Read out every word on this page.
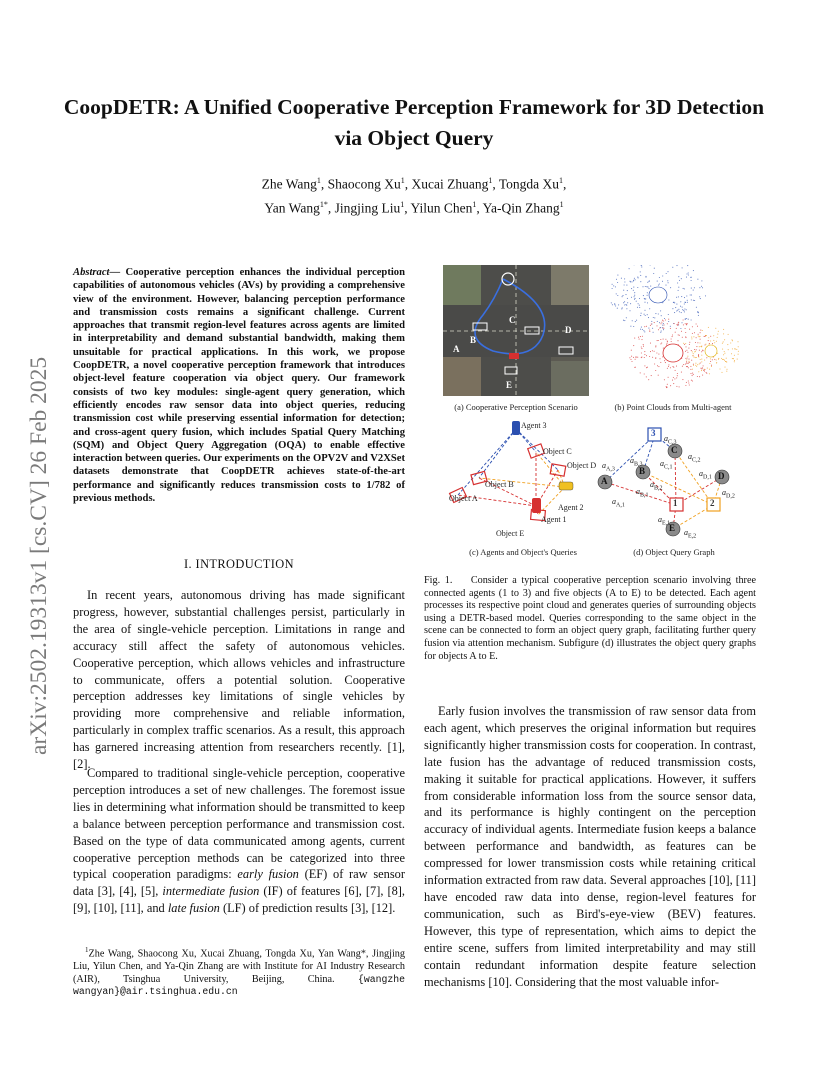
arXiv:2502.19313v1 [cs.CV] 26 Feb 2025
CoopDETR: A Unified Cooperative Perception Framework for 3D Detection via Object Query
Zhe Wang$^1$, Shaocong Xu$^1$, Xucai Zhuang$^1$, Tongda Xu$^1$,
Yan Wang$^{1*}$, Jingjing Liu$^1$, Yilun Chen$^1$, Ya-Qin Zhang$^1$
Abstract— Cooperative perception enhances the individual perception capabilities of autonomous vehicles (AVs) by providing a comprehensive view of the environment. However, balancing perception performance and transmission costs remains a significant challenge. Current approaches that transmit region-level features across agents are limited in interpretability and demand substantial bandwidth, making them unsuitable for practical applications. In this work, we propose CoopDETR, a novel cooperative perception framework that introduces object-level feature cooperation via object query. Our framework consists of two key modules: single-agent query generation, which efficiently encodes raw sensor data into object queries, reducing transmission cost while preserving essential information for detection; and cross-agent query fusion, which includes Spatial Query Matching (SQM) and Object Query Aggregation (OQA) to enable effective interaction between queries. Our experiments on the OPV2V and V2XSet datasets demonstrate that CoopDETR achieves state-of-the-art performance and significantly reduces transmission costs to 1/782 of previous methods.
I. INTRODUCTION

In recent years, autonomous driving has made significant progress, however, substantial challenges persist, particularly in the area of single-vehicle perception. Limitations in range and accuracy still affect the safety of autonomous vehicles. Cooperative perception, which allows vehicles and infrastructure to communicate, offers a potential solution. Cooperative perception addresses key limitations of single vehicles by providing more comprehensive and reliable information, particularly in complex traffic scenarios. As a result, this approach has garnered increasing attention from researchers recently. [1], [2].

Compared to traditional single-vehicle perception, cooperative perception introduces a set of new challenges. The foremost issue lies in determining what information should be transmitted to keep a balance between perception performance and transmission cost. Based on the type of data communicated among agents, current cooperative perception methods can be categorized into three typical cooperation paradigms: early fusion (EF) of raw sensor data [3], [4], [5], intermediate fusion (IF) of features [6], [7], [8], [9], [10], [11], and late fusion (LF) of prediction results [3], [12].

$^1$Zhe Wang, Shaocong Xu, Xucai Zhuang, Tongda Xu, Yan Wang*, Jingjing Liu, Yilun Chen, and Ya-Qin Zhang are with Institute for AI Industry Research (AIR), Tsinghua University, Beijing, China. {wangzhe wangyan}@air.tsinghua.edu.cn
C
B
A
D
E
(a) Cooperative Perception Scenario	(b) Point Clouds from Multi-agent
Agent 3
Object C
Object D
Object B
Object A
Agent 2
Agent 1
Object E
(c) Agents and Object's Queries
3
2
1
C
B
A	D
E
$a_{C,3}$
$a_{C,2}$
$a_{B,3}$ $a_{C,1}$
$a_{A,3}$
$a_{B,2}$
$a_{D,1}$
$a_{B,1}$	$a_{D,2}$
$a_{A,1}$
$a_{E,1}$
$a_{E,2}$
(d) Object Query Graph
Fig. 1. Consider a typical cooperative perception scenario involving three connected agents (1 to 3) and five objects (A to E) to be detected. Each agent processes its respective point cloud and generates queries of surrounding objects using a DETR-based model. Queries corresponding to the same object in the scene can be connected to form an object query graph, facilitating further query fusion via attention mechanism. Subfigure (d) illustrates the object query graphs for objects A to E.

Early fusion involves the transmission of raw sensor data from each agent, which preserves the original information but requires significantly higher transmission costs for cooperation. In contrast, late fusion has the advantage of reduced transmission costs, making it suitable for practical applications. However, it suffers from considerable information loss from the source sensor data, and its performance is highly contingent on the perception accuracy of individual agents. Intermediate fusion keeps a balance between performance and bandwidth, as features can be compressed for lower transmission costs while retaining critical information extracted from raw data. Several approaches [10], [11] have encoded raw data into dense, region-level features for communication, such as Bird's-eye-view (BEV) features. However, this type of representation, which aims to depict the entire scene, suffers from limited interpretability and may still contain redundant information despite feature selection mechanisms [10]. Considering that the most valuable infor-
